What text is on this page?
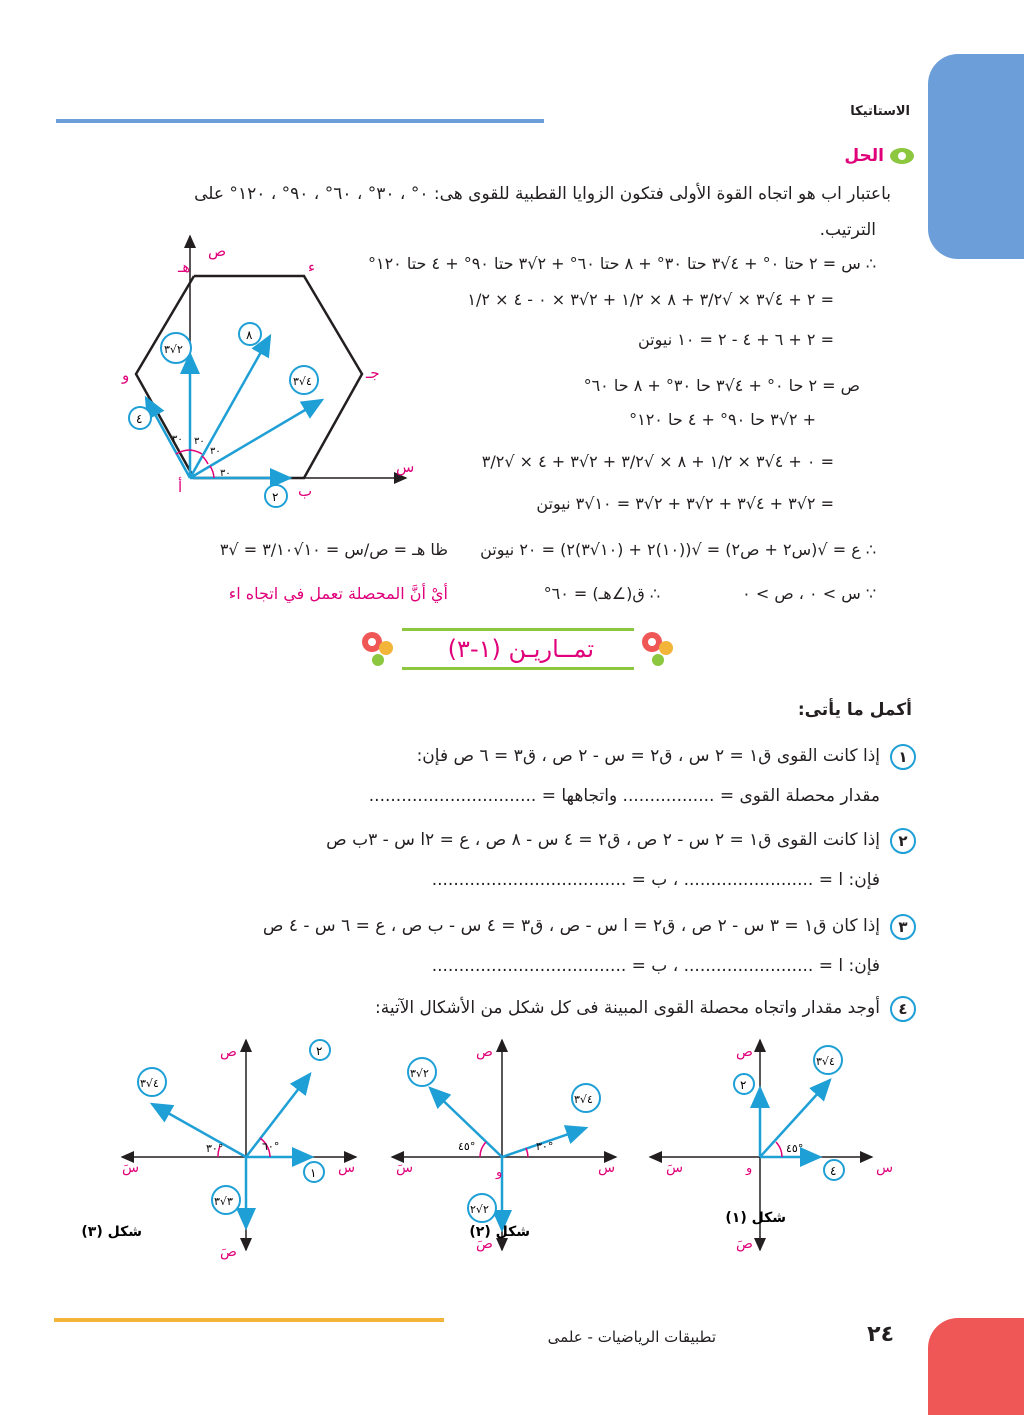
الاستاتيكا
الحل
باعتبار اب هو اتجاه القوة الأولى فتكون الزوايا القطبية للقوى هى: ٠° ، ٣٠° ، ٦٠° ، ٩٠° ، ١٢٠° على
الترتيب.
∴ س = ٢ حتا ٠° + ٤√٣ حتا ٣٠° + ٨ حتا ٦٠° + ٢√٣ حتا ٩٠° + ٤ حتا ١٢٠°
= ٢ + ٤√٣ × √٣/٢ + ٨ × ١/٢ + ٢√٣ × ٠ - ٤ × ١/٢
= ٢ + ٦ + ٤ - ٢ = ١٠ نيوتن
ص = ٢ حا ٠° + ٤√٣ حا ٣٠° + ٨ حا ٦٠°
+ ٢√٣ حا ٩٠° + ٤ حا ١٢٠°
= ٠ + ٤√٣ × ١/٢ + ٨ × √٣/٢ + ٢√٣ + ٤ × √٣/٢
= ٢√٣ + ٤√٣ + ٢√٣ + ٢√٣ = ١٠√٣ نيوتن
∴ ع = √(س٢ + ص٢) = √((١٠)٢ + (١٠√٣)٢) = ٢٠ نيوتن
ظا هـ = ص/س = ١٠√٣/١٠ = √٣
∵ س > ٠ ، ص > ٠
∴ ق(∠هـ) = ٦٠°
أيْ أنَّ المحصلة تعمل في اتجاه اء
ص
س
أ	ب
جـ
ء
هـ
و
٣٠
٣٠
٣٠
٣٠
٢
٤√٣
٨
٢√٣
٤
تمــاريـن (١-٣)
أكمل ما يأتى:
١
إذا كانت القوى ق١ = ٢ س ، ق٢ = س - ٢ ص ، ق٣ = ٦ ص فإن:
مقدار محصلة القوى = ................. واتجاهها = ...............................
٢
إذا كانت القوى ق١ = ٢ س - ٢ ص ، ق٢ = ٤ س - ٨ ص ، ع = ٢ا س - ٣ب ص
فإن: ا = ........................ ، ب = ....................................
٣
إذا كان ق١ = ٣ س - ٢ ص ، ق٢ = ا س - ص ، ق٣ = ٤ س - ب ص ، ع = ٦ س - ٤ ص
فإن: ا = ........................ ، ب = ....................................
٤
أوجد مقدار واتجاه محصلة القوى المبينة فى كل شكل من الأشكال الآتية:
س
سَ
ص
صَ
و
٤٥°
٤
٢
٤√٣
شكل (١)
س
سَ
ص
صَ
و
٣٠°
٤٥°
٤√٣
٢√٣
٢√٢
شكل (٢)
س
سَ
ص
صَ
٦٠°
٣٠°
١
٢
٤√٣
٣√٣
شكل (٣)
٢٤
تطبيقات الرياضيات - علمى
